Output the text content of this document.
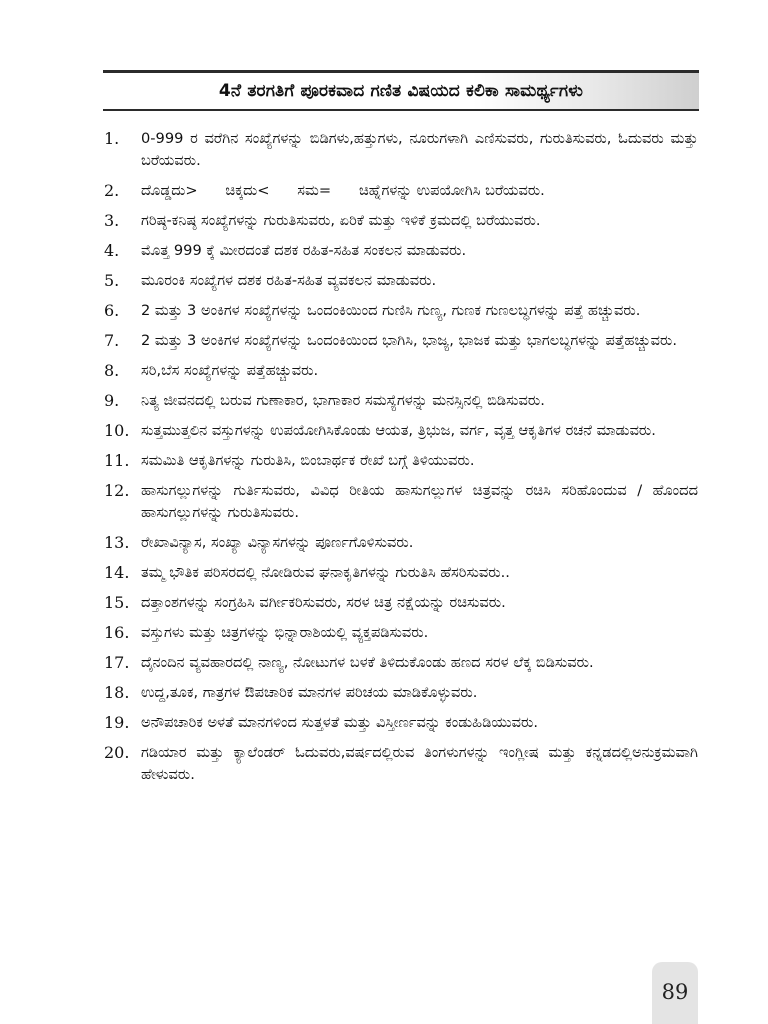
4ನೆ ತರಗತಿಗೆ ಪೂರಕವಾದ ಗಣಿತ ವಿಷಯದ ಕಲಿಕಾ ಸಾಮರ್ಥ್ಯಗಳು
1.	0-999 ರ ವರೆಗಿನ ಸಂಖ್ಯೆಗಳನ್ನು ಬಿಡಿಗಳು,ಹತ್ತುಗಳು, ನೂರುಗಳಾಗಿ ಎಣಿಸುವರು, ಗುರುತಿಸುವರು, ಓದುವರು ಮತ್ತು ಬರೆಯವರು.
2.	ದೊಡ್ಡದು>      ಚಿಕ್ಕದು<      ಸಮ=      ಚಿಹ್ನೆಗಳನ್ನು ಉಪಯೋಗಿಸಿ ಬರೆಯವರು.
3.	ಗರಿಷ್ಠ-ಕನಿಷ್ಠ ಸಂಖ್ಯೆಗಳನ್ನು ಗುರುತಿಸುವರು, ಏರಿಕೆ ಮತ್ತು ಇಳಿಕೆ ಕ್ರಮದಲ್ಲಿ ಬರೆಯುವರು.
4.	ಮೊತ್ತ 999 ಕ್ಕೆ ಮೀರದಂತೆ ದಶಕ ರಹಿತ-ಸಹಿತ ಸಂಕಲನ ಮಾಡುವರು.
5.	ಮೂರಂಕಿ ಸಂಖ್ಯೆಗಳ ದಶಕ ರಹಿತ-ಸಹಿತ ವ್ಯವಕಲನ ಮಾಡುವರು.
6.	2 ಮತ್ತು 3 ಅಂಕಿಗಳ ಸಂಖ್ಯೆಗಳನ್ನು ಒಂದಂಕಿಯಿಂದ ಗುಣಿಸಿ ಗುಣ್ಯ, ಗುಣಕ ಗುಣಲಬ್ಧಗಳನ್ನು ಪತ್ತೆ ಹಚ್ಚುವರು.
7.	2 ಮತ್ತು 3 ಅಂಕಿಗಳ ಸಂಖ್ಯೆಗಳನ್ನು ಒಂದಂಕಿಯಿಂದ ಭಾಗಿಸಿ, ಭಾಜ್ಯ, ಭಾಜಕ ಮತ್ತು ಭಾಗಲಬ್ಧಗಳನ್ನು ಪತ್ತೆಹಚ್ಚುವರು.
8.	ಸರಿ,ಬೆಸ ಸಂಖ್ಯೆಗಳನ್ನು ಪತ್ತೆಹಚ್ಚುವರು.
9.	ನಿತ್ಯ ಜೀವನದಲ್ಲಿ ಬರುವ ಗುಣಾಕಾರ, ಭಾಗಾಕಾರ ಸಮಸ್ಯೆಗಳನ್ನು ಮನಸ್ಸಿನಲ್ಲಿ ಬಿಡಿಸುವರು.
10. ಸುತ್ತಮುತ್ತಲಿನ ವಸ್ತುಗಳನ್ನು ಉಪಯೋಗಿಸಿಕೊಂಡು ಆಯತ, ತ್ರಿಭುಜ, ವರ್ಗ, ವೃತ್ತ ಆಕೃತಿಗಳ ರಚನೆ ಮಾಡುವರು.
11. ಸಮಮಿತಿ ಆಕೃತಿಗಳನ್ನು ಗುರುತಿಸಿ, ಬಿಂಬಾರ್ಥಕ ರೇಖೆ ಬಗ್ಗೆ ತಿಳಿಯುವರು.
12. ಹಾಸುಗಲ್ಲುಗಳನ್ನು ಗುರ್ತಿಸುವರು, ವಿವಿಧ ರೀತಿಯ ಹಾಸುಗಲ್ಲುಗಳ ಚಿತ್ರವನ್ನು ರಚಿಸಿ ಸರಿಹೊಂದುವ / ಹೊಂದದ ಹಾಸುಗಲ್ಲುಗಳನ್ನು ಗುರುತಿಸುವರು.
13. ರೇಖಾವಿನ್ಯಾಸ, ಸಂಖ್ಯಾ ವಿನ್ಯಾಸಗಳನ್ನು ಪೂರ್ಣಗೊಳಿಸುವರು.
14. ತಮ್ಮ ಭೌತಿಕ ಪರಿಸರದಲ್ಲಿ ನೋಡಿರುವ ಘನಾಕೃತಿಗಳನ್ನು ಗುರುತಿಸಿ ಹೆಸರಿಸುವರು..
15. ದತ್ತಾಂಶಗಳನ್ನು ಸಂಗ್ರಹಿಸಿ ವರ್ಗೀಕರಿಸುವರು, ಸರಳ ಚಿತ್ರ ನಕ್ಷೆಯನ್ನು ರಚಿಸುವರು.
16. ವಸ್ತುಗಳು ಮತ್ತು ಚಿತ್ರಗಳನ್ನು ಭಿನ್ನಾರಾಶಿಯಲ್ಲಿ ವ್ಯಕ್ತಪಡಿಸುವರು.
17. ದೈನಂದಿನ ವ್ಯವಹಾರದಲ್ಲಿ ನಾಣ್ಯ, ನೋಟುಗಳ ಬಳಕೆ ತಿಳಿದುಕೊಂಡು ಹಣದ ಸರಳ ಲೆಕ್ಕ ಬಿಡಿಸುವರು.
18. ಉದ್ದ,ತೂಕ, ಗಾತ್ರಗಳ ಔಪಚಾರಿಕ ಮಾನಗಳ ಪರಿಚಯ ಮಾಡಿಕೊಳ್ಳುವರು.
19. ಅನೌಪಚಾರಿಕ ಅಳತೆ ಮಾನಗಳಿಂದ ಸುತ್ತಳತೆ ಮತ್ತು ವಿಸ್ತೀರ್ಣವನ್ನು ಕಂಡುಹಿಡಿಯುವರು.
20. ಗಡಿಯಾರ ಮತ್ತು ಕ್ಯಾಲೆಂಡರ್ ಓದುವರು,ವರ್ಷದಲ್ಲಿರುವ ತಿಂಗಳುಗಳನ್ನು ಇಂಗ್ಲೀಷ ಮತ್ತು ಕನ್ನಡದಲ್ಲಿಅನುಕ್ರಮವಾಗಿ ಹೇಳುವರು.
89
